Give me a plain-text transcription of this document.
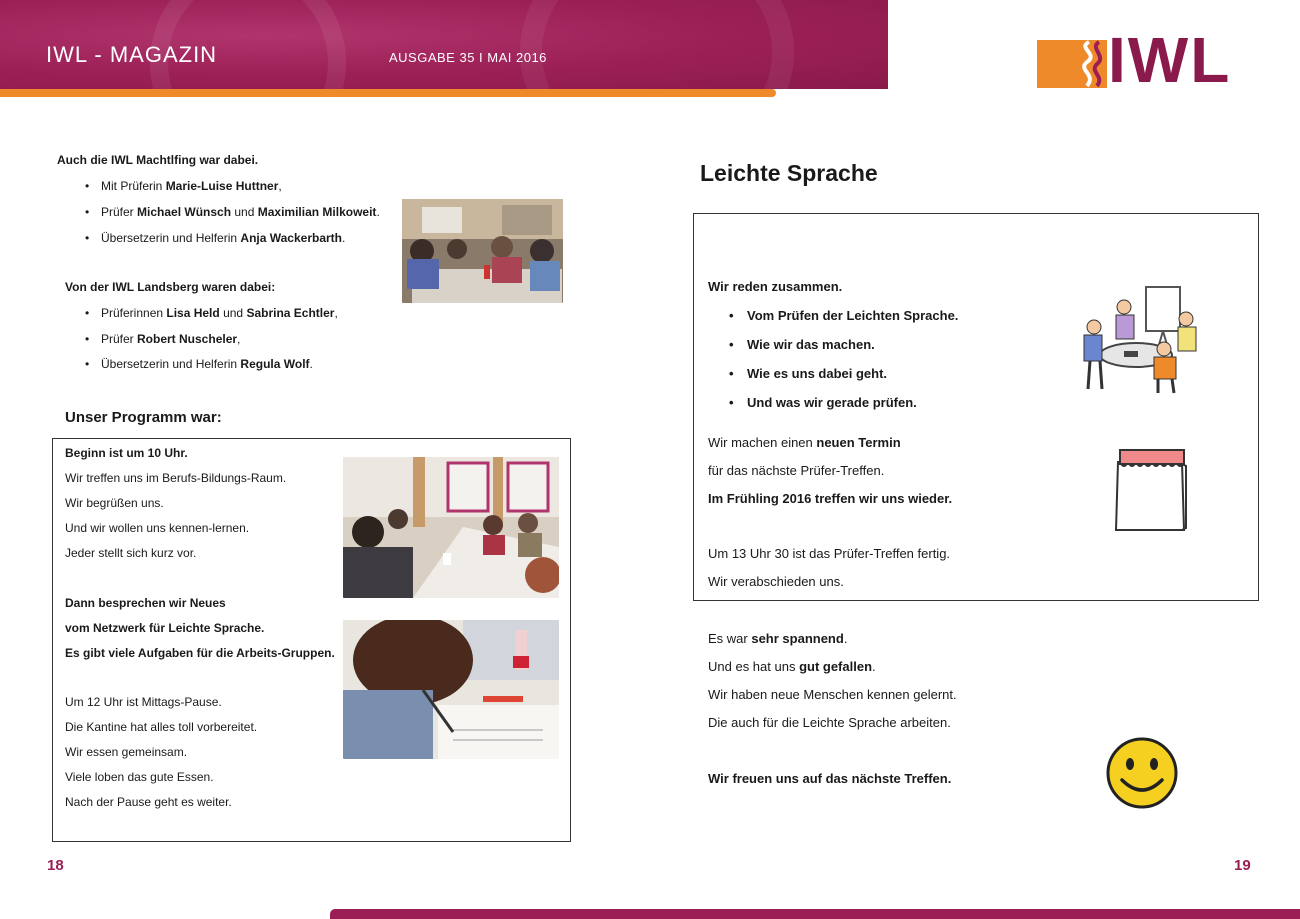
IWL - MAGAZIN	AUSGABE 35 I MAI 2016	IWL
Auch die IWL Machtlfing war dabei.
• Mit Prüferin Marie-Luise Huttner,
• Prüfer Michael Wünsch und Maximilian Milkoweit.
• Übersetzerin und Helferin Anja Wackerbarth.
Von der IWL Landsberg waren dabei:
• Prüferinnen Lisa Held und Sabrina Echtler,
• Prüfer Robert Nuscheler,
• Übersetzerin und Helferin Regula Wolf.
Unser Programm war:
Beginn ist um 10 Uhr.
Wir treffen uns im Berufs-Bildungs-Raum.
Wir begrüßen uns.
Und wir wollen uns kennen-lernen.
Jeder stellt sich kurz vor.
Dann besprechen wir Neues
vom Netzwerk für Leichte Sprache.
Es gibt viele Aufgaben für die Arbeits-Gruppen.
Um 12 Uhr ist Mittags-Pause.
Die Kantine hat alles toll vorbereitet.
Wir essen gemeinsam.
Viele loben das gute Essen.
Nach der Pause geht es weiter.
18
Leichte Sprache
Wir reden zusammen.
• Vom Prüfen der Leichten Sprache.
• Wie wir das machen.
• Wie es uns dabei geht.
• Und was wir gerade prüfen.
Wir machen einen neuen Termin
für das nächste Prüfer-Treffen.
Im Frühling 2016 treffen wir uns wieder.
Um 13 Uhr 30 ist das Prüfer-Treffen fertig.
Wir verabschieden uns.
Es war sehr spannend.
Und es hat uns gut gefallen.
Wir haben neue Menschen kennen gelernt.
Die auch für die Leichte Sprache arbeiten.
Wir freuen uns auf das nächste Treffen.
19
